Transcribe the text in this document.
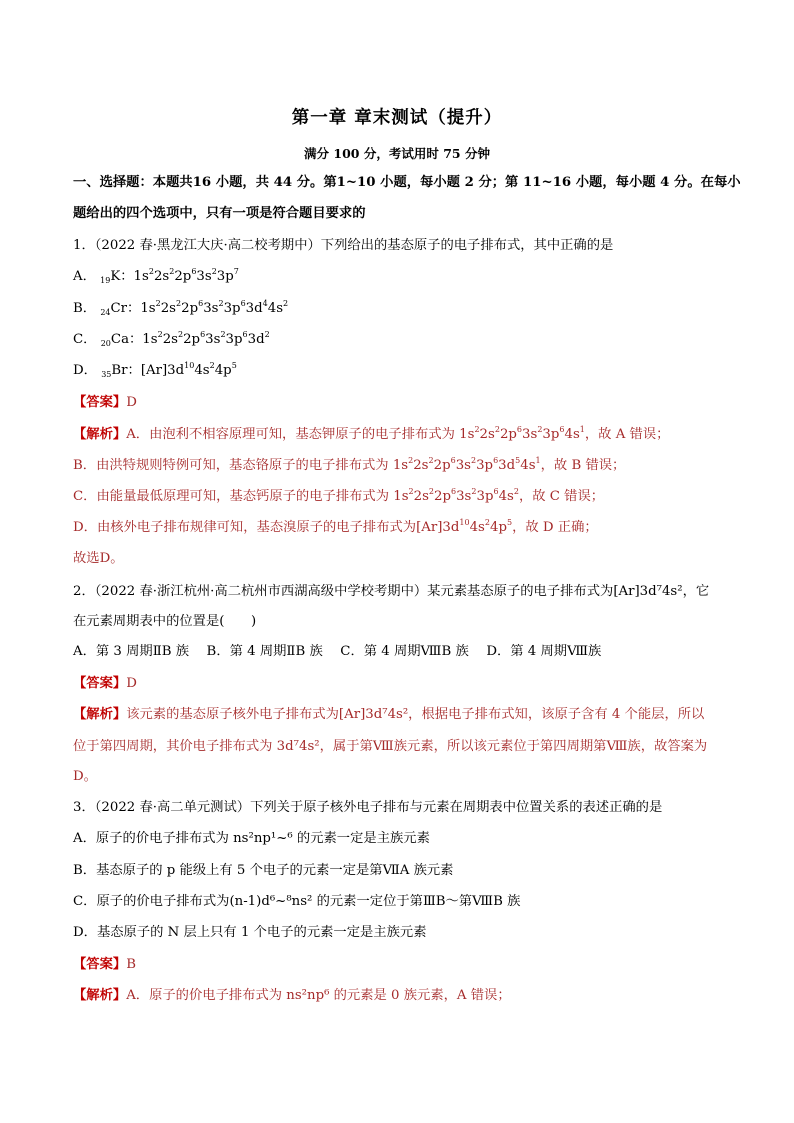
第一章 章末测试（提升）
满分 100 分，考试用时 75 分钟
一、选择题：本题共16 小题，共 44 分。第1~10 小题，每小题 2 分；第 11~16 小题，每小题 4 分。在每小
题给出的四个选项中，只有一项是符合题目要求的
1．（2022 春·黑龙江大庆·高二校考期中）下列给出的基态原子的电子排布式，其中正确的是
A． $_{19}$K：$1s^22s^22p^63s^23p^7$
B． $_{24}$Cr：$1s^22s^22p^63s^23p^63d^44s^2$
C． $_{20}$Ca：$1s^22s^22p^63s^23p^63d^2$
D． $_{35}$Br：$[Ar]3d^{10}4s^24p^5$
【答案】D
【解析】A．由泡利不相容原理可知，基态钾原子的电子排布式为 $1s^22s^22p^63s^23p^64s^1$，故 A 错误；
B．由洪特规则特例可知，基态铬原子的电子排布式为 $1s^22s^22p^63s^23p^63d^54s^1$，故 B 错误；
C．由能量最低原理可知，基态钙原子的电子排布式为 $1s^22s^22p^63s^23p^64s^2$，故 C 错误；
D．由核外电子排布规律可知，基态溴原子的电子排布式为$[Ar]3d^{10}4s^24p^5$，故 D 正确；
故选D。
2．（2022 春·浙江杭州·高二杭州市西湖高级中学校考期中）某元素基态原子的电子排布式为[Ar]3d⁷4s²，它
在元素周期表中的位置是(　　)
A．第 3 周期ⅡB 族　 B．第 4 周期ⅡB 族　 C．第 4 周期ⅧB 族　 D．第 4 周期Ⅷ族
【答案】D
【解析】该元素的基态原子核外电子排布式为[Ar]3d⁷4s²，根据电子排布式知，该原子含有 4 个能层，所以
位于第四周期，其价电子排布式为 3d⁷4s²，属于第Ⅷ族元素，所以该元素位于第四周期第Ⅷ族，故答案为
D。
3．（2022 春·高二单元测试）下列关于原子核外电子排布与元素在周期表中位置关系的表述正确的是
A．原子的价电子排布式为 ns²np¹~⁶ 的元素一定是主族元素
B．基态原子的 p 能级上有 5 个电子的元素一定是第ⅦA 族元素
C．原子的价电子排布式为(n-1)d⁶~⁸ns² 的元素一定位于第ⅢB～第ⅧB 族
D．基态原子的 N 层上只有 1 个电子的元素一定是主族元素
【答案】B
【解析】A．原子的价电子排布式为 ns²np⁶ 的元素是 0 族元素，A 错误；
